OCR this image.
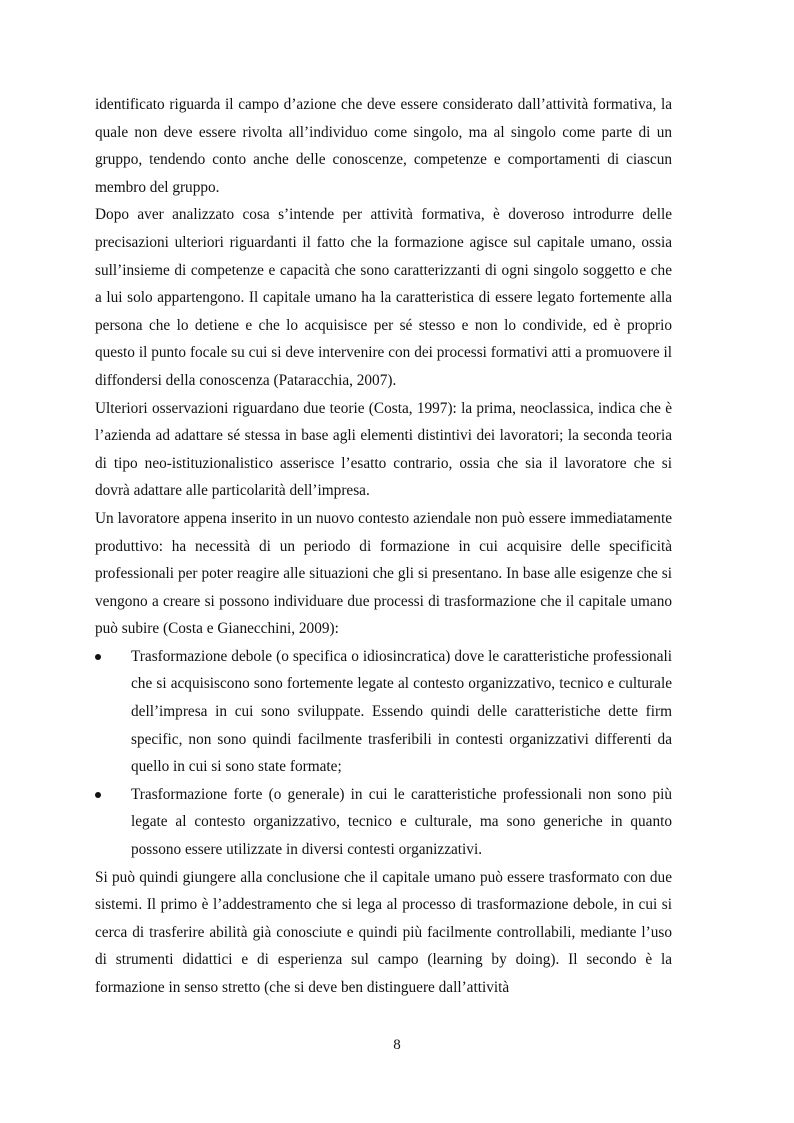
identificato riguarda il campo d’azione che deve essere considerato dall’attività formativa, la quale non deve essere rivolta all’individuo come singolo, ma al singolo come parte di un gruppo, tendendo conto anche delle conoscenze, competenze e comportamenti di ciascun membro del gruppo.

Dopo aver analizzato cosa s’intende per attività formativa, è doveroso introdurre delle precisazioni ulteriori riguardanti il fatto che la formazione agisce sul capitale umano, ossia sull’insieme di competenze e capacità che sono caratterizzanti di ogni singolo soggetto e che a lui solo appartengono. Il capitale umano ha la caratteristica di essere legato fortemente alla persona che lo detiene e che lo acquisisce per sé stesso e non lo condivide, ed è proprio questo il punto focale su cui si deve intervenire con dei processi formativi atti a promuovere il diffondersi della conoscenza (Pataracchia, 2007).

Ulteriori osservazioni riguardano due teorie (Costa, 1997): la prima, neoclassica, indica che è l’azienda ad adattare sé stessa in base agli elementi distintivi dei lavoratori; la seconda teoria di tipo neo-istituzionalistico asserisce l’esatto contrario, ossia che sia il lavoratore che si dovrà adattare alle particolarità dell’impresa.

Un lavoratore appena inserito in un nuovo contesto aziendale non può essere immediatamente produttivo: ha necessità di un periodo di formazione in cui acquisire delle specificità professionali per poter reagire alle situazioni che gli si presentano. In base alle esigenze che si vengono a creare si possono individuare due processi di trasformazione che il capitale umano può subire (Costa e Gianecchini, 2009):

Trasformazione debole (o specifica o idiosincratica) dove le caratteristiche professionali che si acquisiscono sono fortemente legate al contesto organizzativo, tecnico e culturale dell’impresa in cui sono sviluppate. Essendo quindi delle caratteristiche dette firm specific, non sono quindi facilmente trasferibili in contesti organizzativi differenti da quello in cui si sono state formate;
Trasformazione forte (o generale) in cui le caratteristiche professionali non sono più legate al contesto organizzativo, tecnico e culturale, ma sono generiche in quanto possono essere utilizzate in diversi contesti organizzativi.

Si può quindi giungere alla conclusione che il capitale umano può essere trasformato con due sistemi. Il primo è l’addestramento che si lega al processo di trasformazione debole, in cui si cerca di trasferire abilità già conosciute e quindi più facilmente controllabili, mediante l’uso di strumenti didattici e di esperienza sul campo (learning by doing). Il secondo è la formazione in senso stretto (che si deve ben distinguere dall’attività

8
